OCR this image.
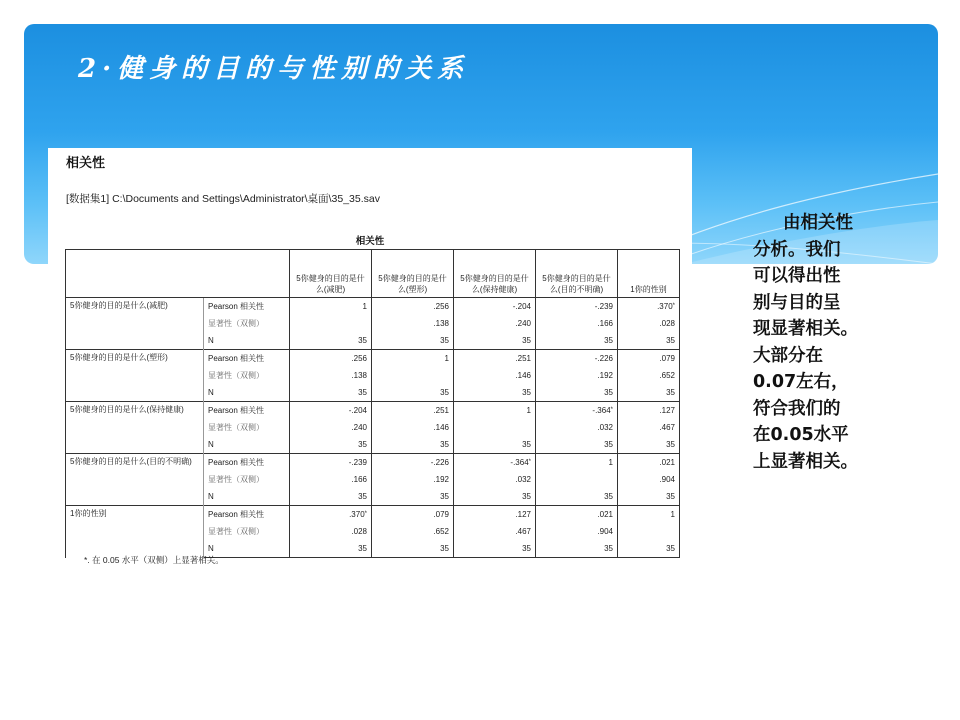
2·健身的目的与性别的关系
相关性
[数据集1] C:\Documents and Settings\Administrator\桌面\35_35.sav
相关性
		5你健身的目的是什么(减肥)	5你健身的目的是什么(塑形)	5你健身的目的是什么(保持健康)	5你健身的目的是什么(目的不明确)	1你的性别
5你健身的目的是什么(减肥)	Pearson 相关性	1	.256	-.204	-.239	.370*
	显著性（双侧）		.138	.240	.166	.028
	N	35	35	35	35	35
5你健身的目的是什么(塑形)	Pearson 相关性	.256	1	.251	-.226	.079
	显著性（双侧）	.138		.146	.192	.652
	N	35	35	35	35	35
5你健身的目的是什么(保持健康)	Pearson 相关性	-.204	.251	1	-.364*	.127
	显著性（双侧）	.240	.146		.032	.467
	N	35	35	35	35	35
5你健身的目的是什么(目的不明确)	Pearson 相关性	-.239	-.226	-.364*	1	.021
	显著性（双侧）	.166	.192	.032		.904
	N	35	35	35	35	35
1你的性别	Pearson 相关性	.370*	.079	.127	.021	1
	显著性（双侧）	.028	.652	.467	.904	
	N	35	35	35	35	35
*. 在 0.05 水平（双侧）上显著相关。
由相关性
分析。我们
可以得出性
别与目的呈
现显著相关。
大部分在
0.07左右，
符合我们的
在0.05水平
上显著相关。
